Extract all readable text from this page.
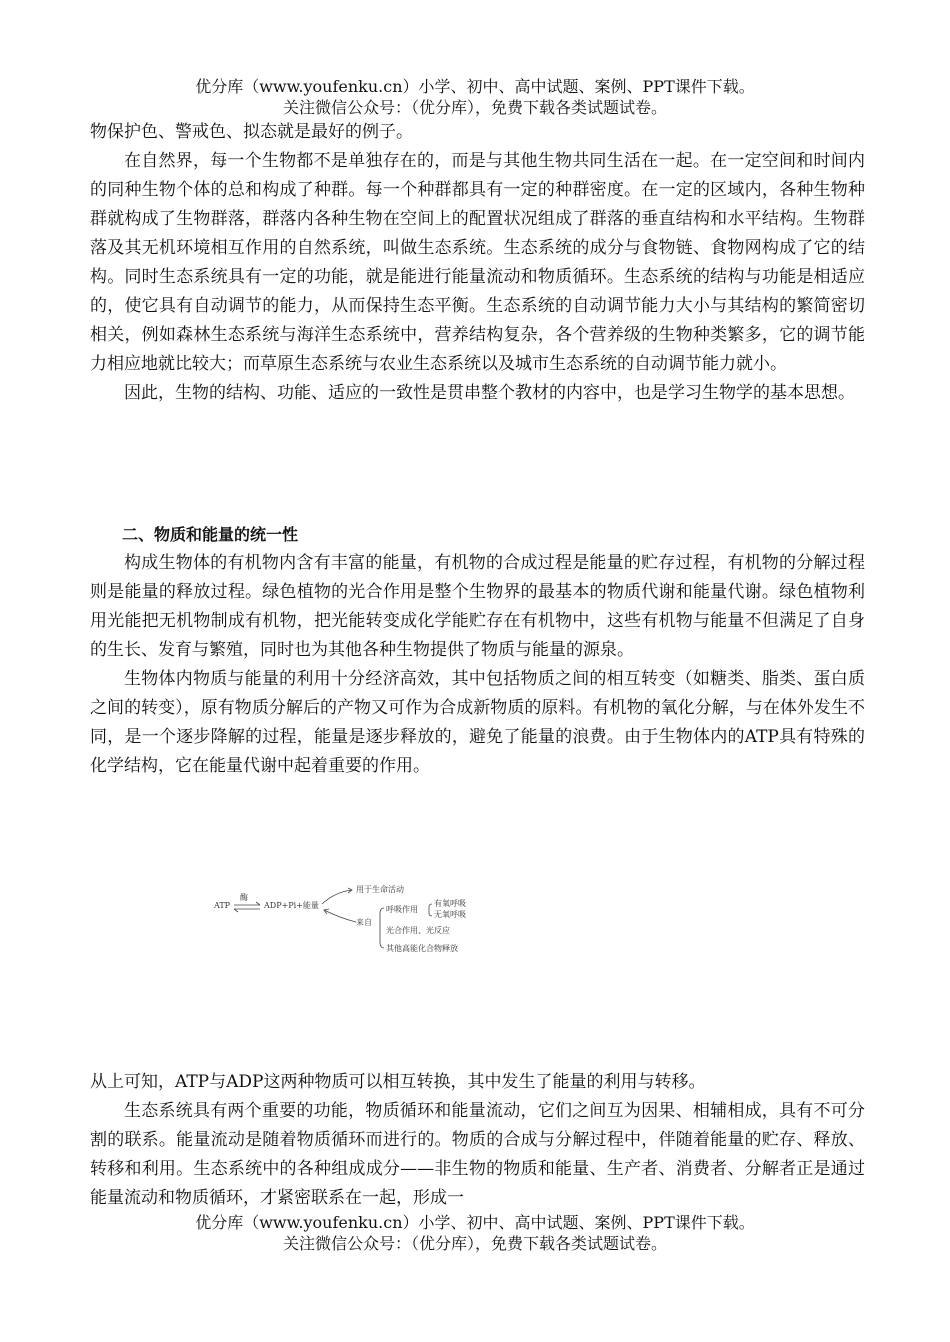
优分库（www.youfenku.cn）小学、初中、高中试题、案例、PPT课件下载。
关注微信公众号：（优分库），免费下载各类试题试卷。

物保护色、警戒色、拟态就是最好的例子。

在自然界，每一个生物都不是单独存在的，而是与其他生物共同生活在一起。在一定空间和时间内的同种生物个体的总和构成了种群。每一个种群都具有一定的种群密度。在一定的区域内，各种生物种群就构成了生物群落，群落内各种生物在空间上的配置状况组成了群落的垂直结构和水平结构。生物群落及其无机环境相互作用的自然系统，叫做生态系统。生态系统的成分与食物链、食物网构成了它的结构。同时生态系统具有一定的功能，就是能进行能量流动和物质循环。生态系统的结构与功能是相适应的，使它具有自动调节的能力，从而保持生态平衡。生态系统的自动调节能力大小与其结构的繁简密切相关，例如森林生态系统与海洋生态系统中，营养结构复杂，各个营养级的生物种类繁多，它的调节能力相应地就比较大；而草原生态系统与农业生态系统以及城市生态系统的自动调节能力就小。

因此，生物的结构、功能、适应的一致性是贯串整个教材的内容中，也是学习生物学的基本思想。

二、物质和能量的统一性

构成生物体的有机物内含有丰富的能量，有机物的合成过程是能量的贮存过程，有机物的分解过程则是能量的释放过程。绿色植物的光合作用是整个生物界的最基本的物质代谢和能量代谢。绿色植物利用光能把无机物制成有机物，把光能转变成化学能贮存在有机物中，这些有机物与能量不但满足了自身的生长、发育与繁殖，同时也为其他各种生物提供了物质与能量的源泉。

生物体内物质与能量的利用十分经济高效，其中包括物质之间的相互转变（如糖类、脂类、蛋白质之间的转变），原有物质分解后的产物又可作为合成新物质的原料。有机物的氧化分解，与在体外发生不同，是一个逐步降解的过程，能量是逐步释放的，避免了能量的浪费。由于生物体内的ATP具有特殊的化学结构，它在能量代谢中起着重要的作用。

ATP
酶
ADP+Pi+能量
用于生命活动
来自
呼吸作用
有氧呼吸
无氧呼吸
光合作用、光反应
其他高能化合物释放

从上可知，ATP与ADP这两种物质可以相互转换，其中发生了能量的利用与转移。

生态系统具有两个重要的功能，物质循环和能量流动，它们之间互为因果、相辅相成，具有不可分割的联系。能量流动是随着物质循环而进行的。物质的合成与分解过程中，伴随着能量的贮存、释放、转移和利用。生态系统中的各种组成成分——非生物的物质和能量、生产者、消费者、分解者正是通过能量流动和物质循环，才紧密联系在一起，形成一

优分库（www.youfenku.cn）小学、初中、高中试题、案例、PPT课件下载。
关注微信公众号：（优分库），免费下载各类试题试卷。
